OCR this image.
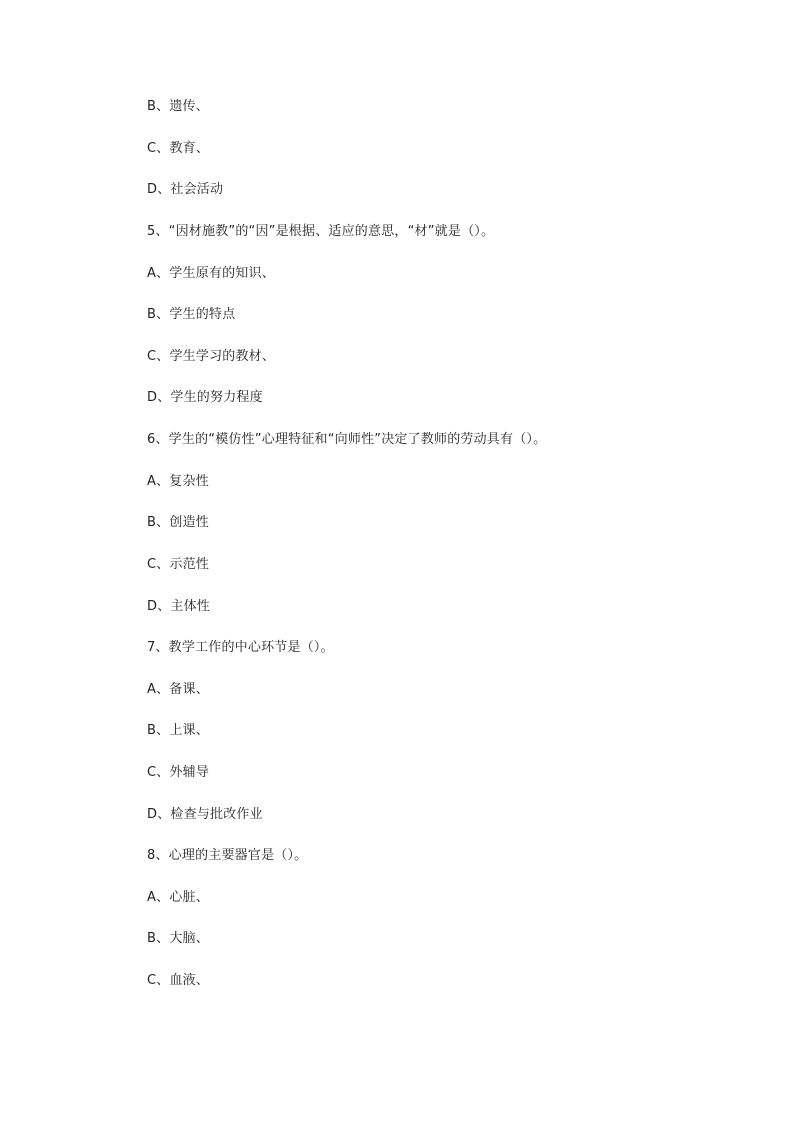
B、遗传、
C、教育、
D、社会活动
5、“因材施教”的“因”是根据、适应的意思，“材”就是（）。
A、学生原有的知识、
B、学生的特点
C、学生学习的教材、
D、学生的努力程度
6、学生的“模仿性”心理特征和“向师性”决定了教师的劳动具有（）。
A、复杂性
B、创造性
C、示范性
D、主体性
7、教学工作的中心环节是（）。
A、备课、
B、上课、
C、外辅导
D、检查与批改作业
8、心理的主要器官是（）。
A、心脏、
B、大脑、
C、血液、
